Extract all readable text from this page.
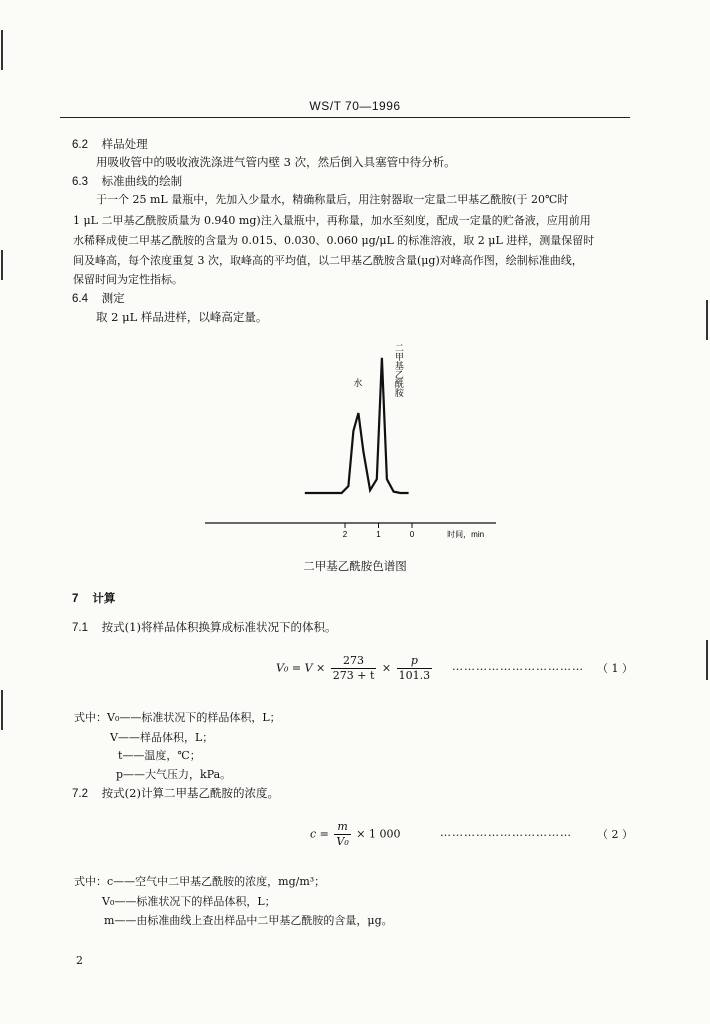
WS/T 70—1996
6.2 样品处理
用吸收管中的吸收液洗涤进气管内壁 3 次，然后倒入具塞管中待分析。
6.3 标准曲线的绘制
于一个 25 mL 量瓶中，先加入少量水，精确称量后，用注射器取一定量二甲基乙酰胺(于 20℃时
1 μL 二甲基乙酰胺质量为 0.940 mg)注入量瓶中，再称量，加水至刻度，配成一定量的贮备液，应用前用
水稀释成使二甲基乙酰胺的含量为 0.015、0.030、0.060 μg/μL 的标准溶液，取 2 μL 进样，测量保留时
间及峰高，每个浓度重复 3 次，取峰高的平均值，以二甲基乙酰胺含量(μg)对峰高作图，绘制标准曲线，
保留时间为定性指标。
6.4 测定
取 2 μL 样品进样，以峰高定量。
2	1	0	时间，min
水	二甲基乙酰胺
二甲基乙酰胺色谱图
7 计算
7.1 按式(1)将样品体积换算成标准状况下的体积。
$V_0 = V \times \frac{273}{273 + t} \times \frac{p}{101.3}$ …………………………… （ 1 ）
式中：V₀——标准状况下的样品体积，L；
V——样品体积，L；
t——温度，℃；
p——大气压力，kPa。
7.2 按式(2)计算二甲基乙酰胺的浓度。
$c = \frac{m}{\text{V₀}} \times 1$ 000	…………………………… （ 2 ）
式中：c——空气中二甲基乙酰胺的浓度，mg/m³；
V₀——标准状况下的样品体积，L；
m——由标准曲线上查出样品中二甲基乙酰胺的含量，μg。
2
